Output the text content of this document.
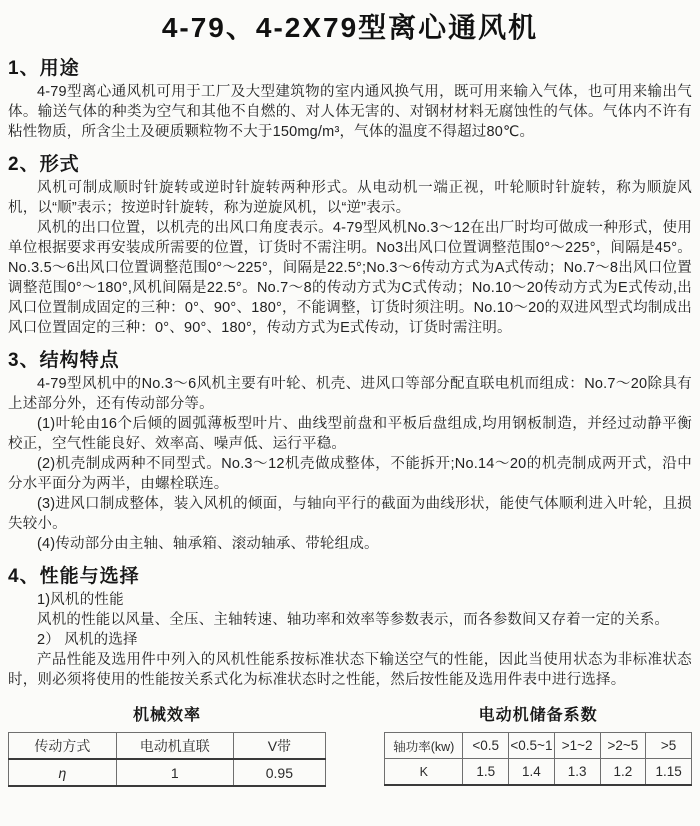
4-79、4-2X79型离心通风机
1、用途

4-79型离心通风机可用于工厂及大型建筑物的室内通风换气用，既可用来输入气体，也可用来输出气体。输送气体的种类为空气和其他不自燃的、对人体无害的、对钢材材料无腐蚀性的气体。气体内不许有粘性物质，所含尘土及硬质颗粒物不大于150mg/m³，气体的温度不得超过80℃。

2、形式

风机可制成顺时针旋转或逆时针旋转两种形式。从电动机一端正视，叶轮顺时针旋转，称为顺旋风机，以“顺”表示；按逆时针旋转，称为逆旋风机，以“逆”表示。

风机的出口位置，以机壳的出风口角度表示。4-79型风机No.3～12在出厂时均可做成一种形式，使用单位根据要求再安装成所需要的位置，订货时不需注明。No3出风口位置调整范围0°～225°，间隔是45°。No.3.5～6出风口位置调整范围0°～225°，间隔是22.5°;No.3～6传动方式为A式传动；No.7～8出风口位置调整范围0°～180°,风机间隔是22.5°。No.7～8的传动方式为C式传动；No.10～20传动方式为E式传动,出风口位置制成固定的三种：0°、90°、180°，不能调整，订货时须注明。No.10～20的双进风型式均制成出风口位置固定的三种：0°、90°、180°，传动方式为E式传动，订货时需注明。

3、结构特点

4-79型风机中的No.3～6风机主要有叶轮、机壳、进风口等部分配直联电机而组成：No.7～20除具有上述部分外，还有传动部分等。

(1)叶轮由16个后倾的圆弧薄板型叶片、曲线型前盘和平板后盘组成,均用钢板制造，并经过动静平衡校正，空气性能良好、效率高、噪声低、运行平稳。

(2)机壳制成两种不同型式。No.3～12机壳做成整体，不能拆开;No.14～20的机壳制成两开式，沿中分水平面分为两半，由螺栓联连。

(3)进风口制成整体，装入风机的倾面，与轴向平行的截面为曲线形状，能使气体顺利进入叶轮，且损失较小。

(4)传动部分由主轴、轴承箱、滚动轴承、带轮组成。

4、性能与选择

1)风机的性能

风机的性能以风量、全压、主轴转速、轴功率和效率等参数表示，而各参数间又存着一定的关系。

2） 风机的选择

产品性能及选用件中列入的风机性能系按标准状态下输送空气的性能，因此当使用状态为非标准状态时，则必须将使用的性能按关系式化为标准状态时之性能，然后按性能及选用件表中进行选择。

机械效率
传动方式	电动机直联	V带
η	1	0.95
电动机储备系数
轴功率(kw)	<0.5	<0.5~1	>1~2	>2~5	>5
K	1.5	1.4	1.3	1.2	1.15
